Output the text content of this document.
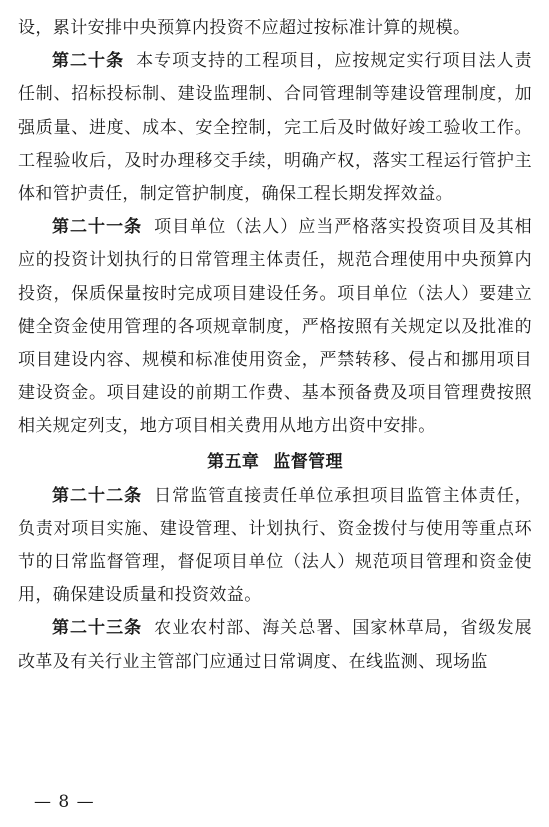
设，累计安排中央预算内投资不应超过按标准计算的规模。

第二十条 本专项支持的工程项目，应按规定实行项目法人责任制、招标投标制、建设监理制、合同管理制等建设管理制度，加强质量、进度、成本、安全控制，完工后及时做好竣工验收工作。工程验收后，及时办理移交手续，明确产权，落实工程运行管护主体和管护责任，制定管护制度，确保工程长期发挥效益。

第二十一条 项目单位（法人）应当严格落实投资项目及其相应的投资计划执行的日常管理主体责任，规范合理使用中央预算内投资，保质保量按时完成项目建设任务。项目单位（法人）要建立健全资金使用管理的各项规章制度，严格按照有关规定以及批准的项目建设内容、规模和标准使用资金，严禁转移、侵占和挪用项目建设资金。项目建设的前期工作费、基本预备费及项目管理费按照相关规定列支，地方项目相关费用从地方出资中安排。

第五章 监督管理

第二十二条 日常监管直接责任单位承担项目监管主体责任，负责对项目实施、建设管理、计划执行、资金拨付与使用等重点环节的日常监督管理，督促项目单位（法人）规范项目管理和资金使用，确保建设质量和投资效益。

第二十三条 农业农村部、海关总署、国家林草局，省级发展改革及有关行业主管部门应通过日常调度、在线监测、现场监

— 8 —
